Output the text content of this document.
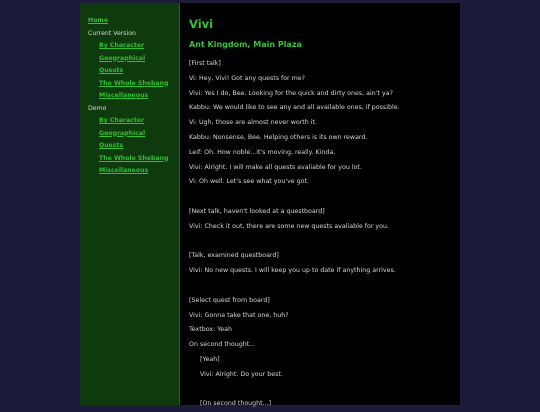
Home
Current Version
By Character
Geographical
Quests
The Whole Shebang
Miscellaneous
Demo
By Character
Geographical
Quests
The Whole Shebang
Miscellaneous
Vivi
Ant Kingdom, Main Plaza
[First talk]
Vi: Hey, Vivi! Got any quests for me?
Vivi: Yes I do, Bee. Looking for the quick and dirty ones, ain't ya?
Kabbu: We would like to see any and all available ones, if possible.
Vi: Ugh, those are almost never worth it.
Kabbu: Nonsense, Bee. Helping others is its own reward.
Leif: Oh. How noble...it's moving, really. Kinda.
Vivi: Alright. I will make all quests avaliable for you lot.
Vi: Oh well. Let's see what you've got.
[Next talk, haven't looked at a questboard]
Vivi: Check it out, there are some new quests avaliable for you.
[Talk, examined questboard]
Vivi: No new quests. I will keep you up to date if anything arrives.
[Select quest from board]
Vivi: Gonna take that one, huh?
Textbox: Yeah
On second thought...
[Yeah]
Vivi: Alright. Do your best.
[On second thought...]
